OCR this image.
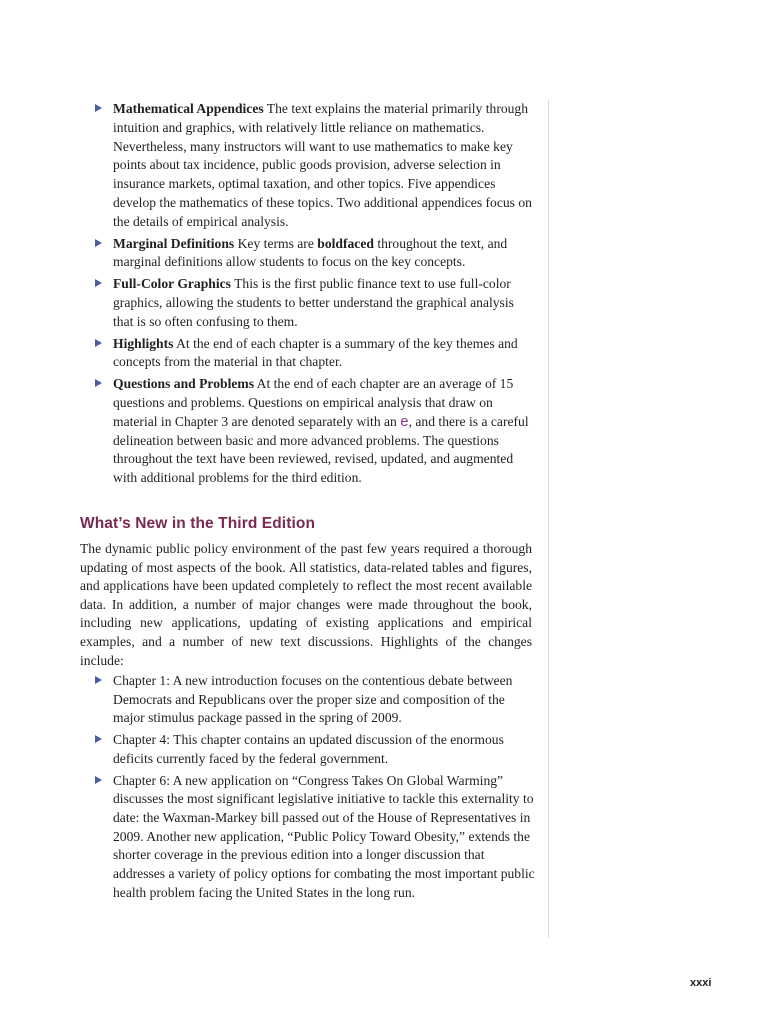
Mathematical Appendices The text explains the material primarily through intuition and graphics, with relatively little reliance on mathematics. Nevertheless, many instructors will want to use mathematics to make key points about tax incidence, public goods provision, adverse selection in insurance markets, optimal taxation, and other topics. Five appendices develop the mathematics of these topics. Two additional appendices focus on the details of empirical analysis.
Marginal Definitions Key terms are boldfaced throughout the text, and marginal definitions allow students to focus on the key concepts.
Full-Color Graphics This is the first public finance text to use full-color graphics, allowing the students to better understand the graphical analysis that is so often confusing to them.
Highlights At the end of each chapter is a summary of the key themes and concepts from the material in that chapter.
Questions and Problems At the end of each chapter are an average of 15 questions and problems. Questions on empirical analysis that draw on material in Chapter 3 are denoted separately with an e, and there is a careful delineation between basic and more advanced problems. The questions throughout the text have been reviewed, revised, updated, and augmented with additional problems for the third edition.
What’s New in the Third Edition

The dynamic public policy environment of the past few years required a thorough updating of most aspects of the book. All statistics, data-related tables and figures, and applications have been updated completely to reflect the most recent available data. In addition, a number of major changes were made throughout the book, including new applications, updating of existing applications and empirical examples, and a number of new text discussions. Highlights of the changes include:

Chapter 1: A new introduction focuses on the contentious debate between Democrats and Republicans over the proper size and composition of the major stimulus package passed in the spring of 2009.
Chapter 4: This chapter contains an updated discussion of the enormous deficits currently faced by the federal government.
Chapter 6: A new application on “Congress Takes On Global Warming” discusses the most significant legislative initiative to tackle this externality to date: the Waxman-Markey bill passed out of the House of Representatives in 2009. Another new application, “Public Policy Toward Obesity,” extends the shorter coverage in the previous edition into a longer discussion that addresses a variety of policy options for combating the most important public health problem facing the United States in the long run.
xxxi
